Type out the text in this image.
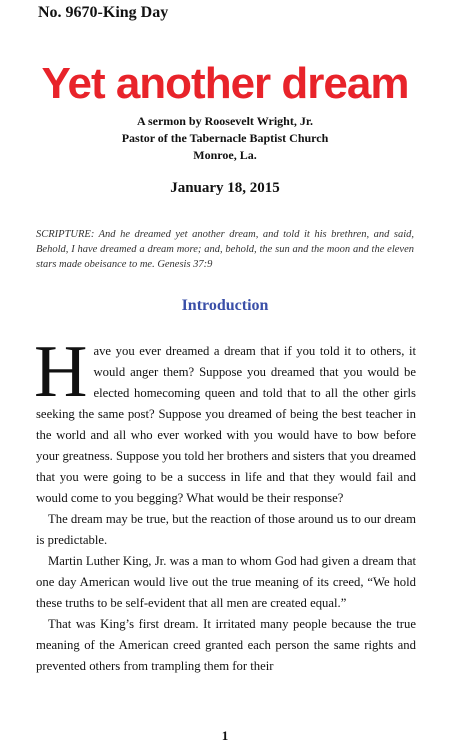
No. 9670-King Day
Yet another dream
A sermon by Roosevelt Wright, Jr.
Pastor of the Tabernacle Baptist Church
Monroe, La.
January 18, 2015
SCRIPTURE: And he dreamed yet another dream, and told it his brethren, and said, Behold, I have dreamed a dream more; and, behold, the sun and the moon and the eleven stars made obeisance to me. Genesis 37:9
Introduction

Have you ever dreamed a dream that if you told it to others, it would anger them? Suppose you dreamed that you would be elected homecoming queen and told that to all the other girls seeking the same post? Suppose you dreamed of being the best teacher in the world and all who ever worked with you would have to bow before your greatness. Suppose you told her brothers and sisters that you dreamed that you were going to be a success in life and that they would fail and would come to you begging? What would be their response?

The dream may be true, but the reaction of those around us to our dream is predictable.

Martin Luther King, Jr. was a man to whom God had given a dream that one day American would live out the true meaning of its creed, “We hold these truths to be self-evident that all men are created equal.”

That was King’s first dream. It irritated many people because the true meaning of the American creed granted each person the same rights and prevented others from trampling them for their

1
